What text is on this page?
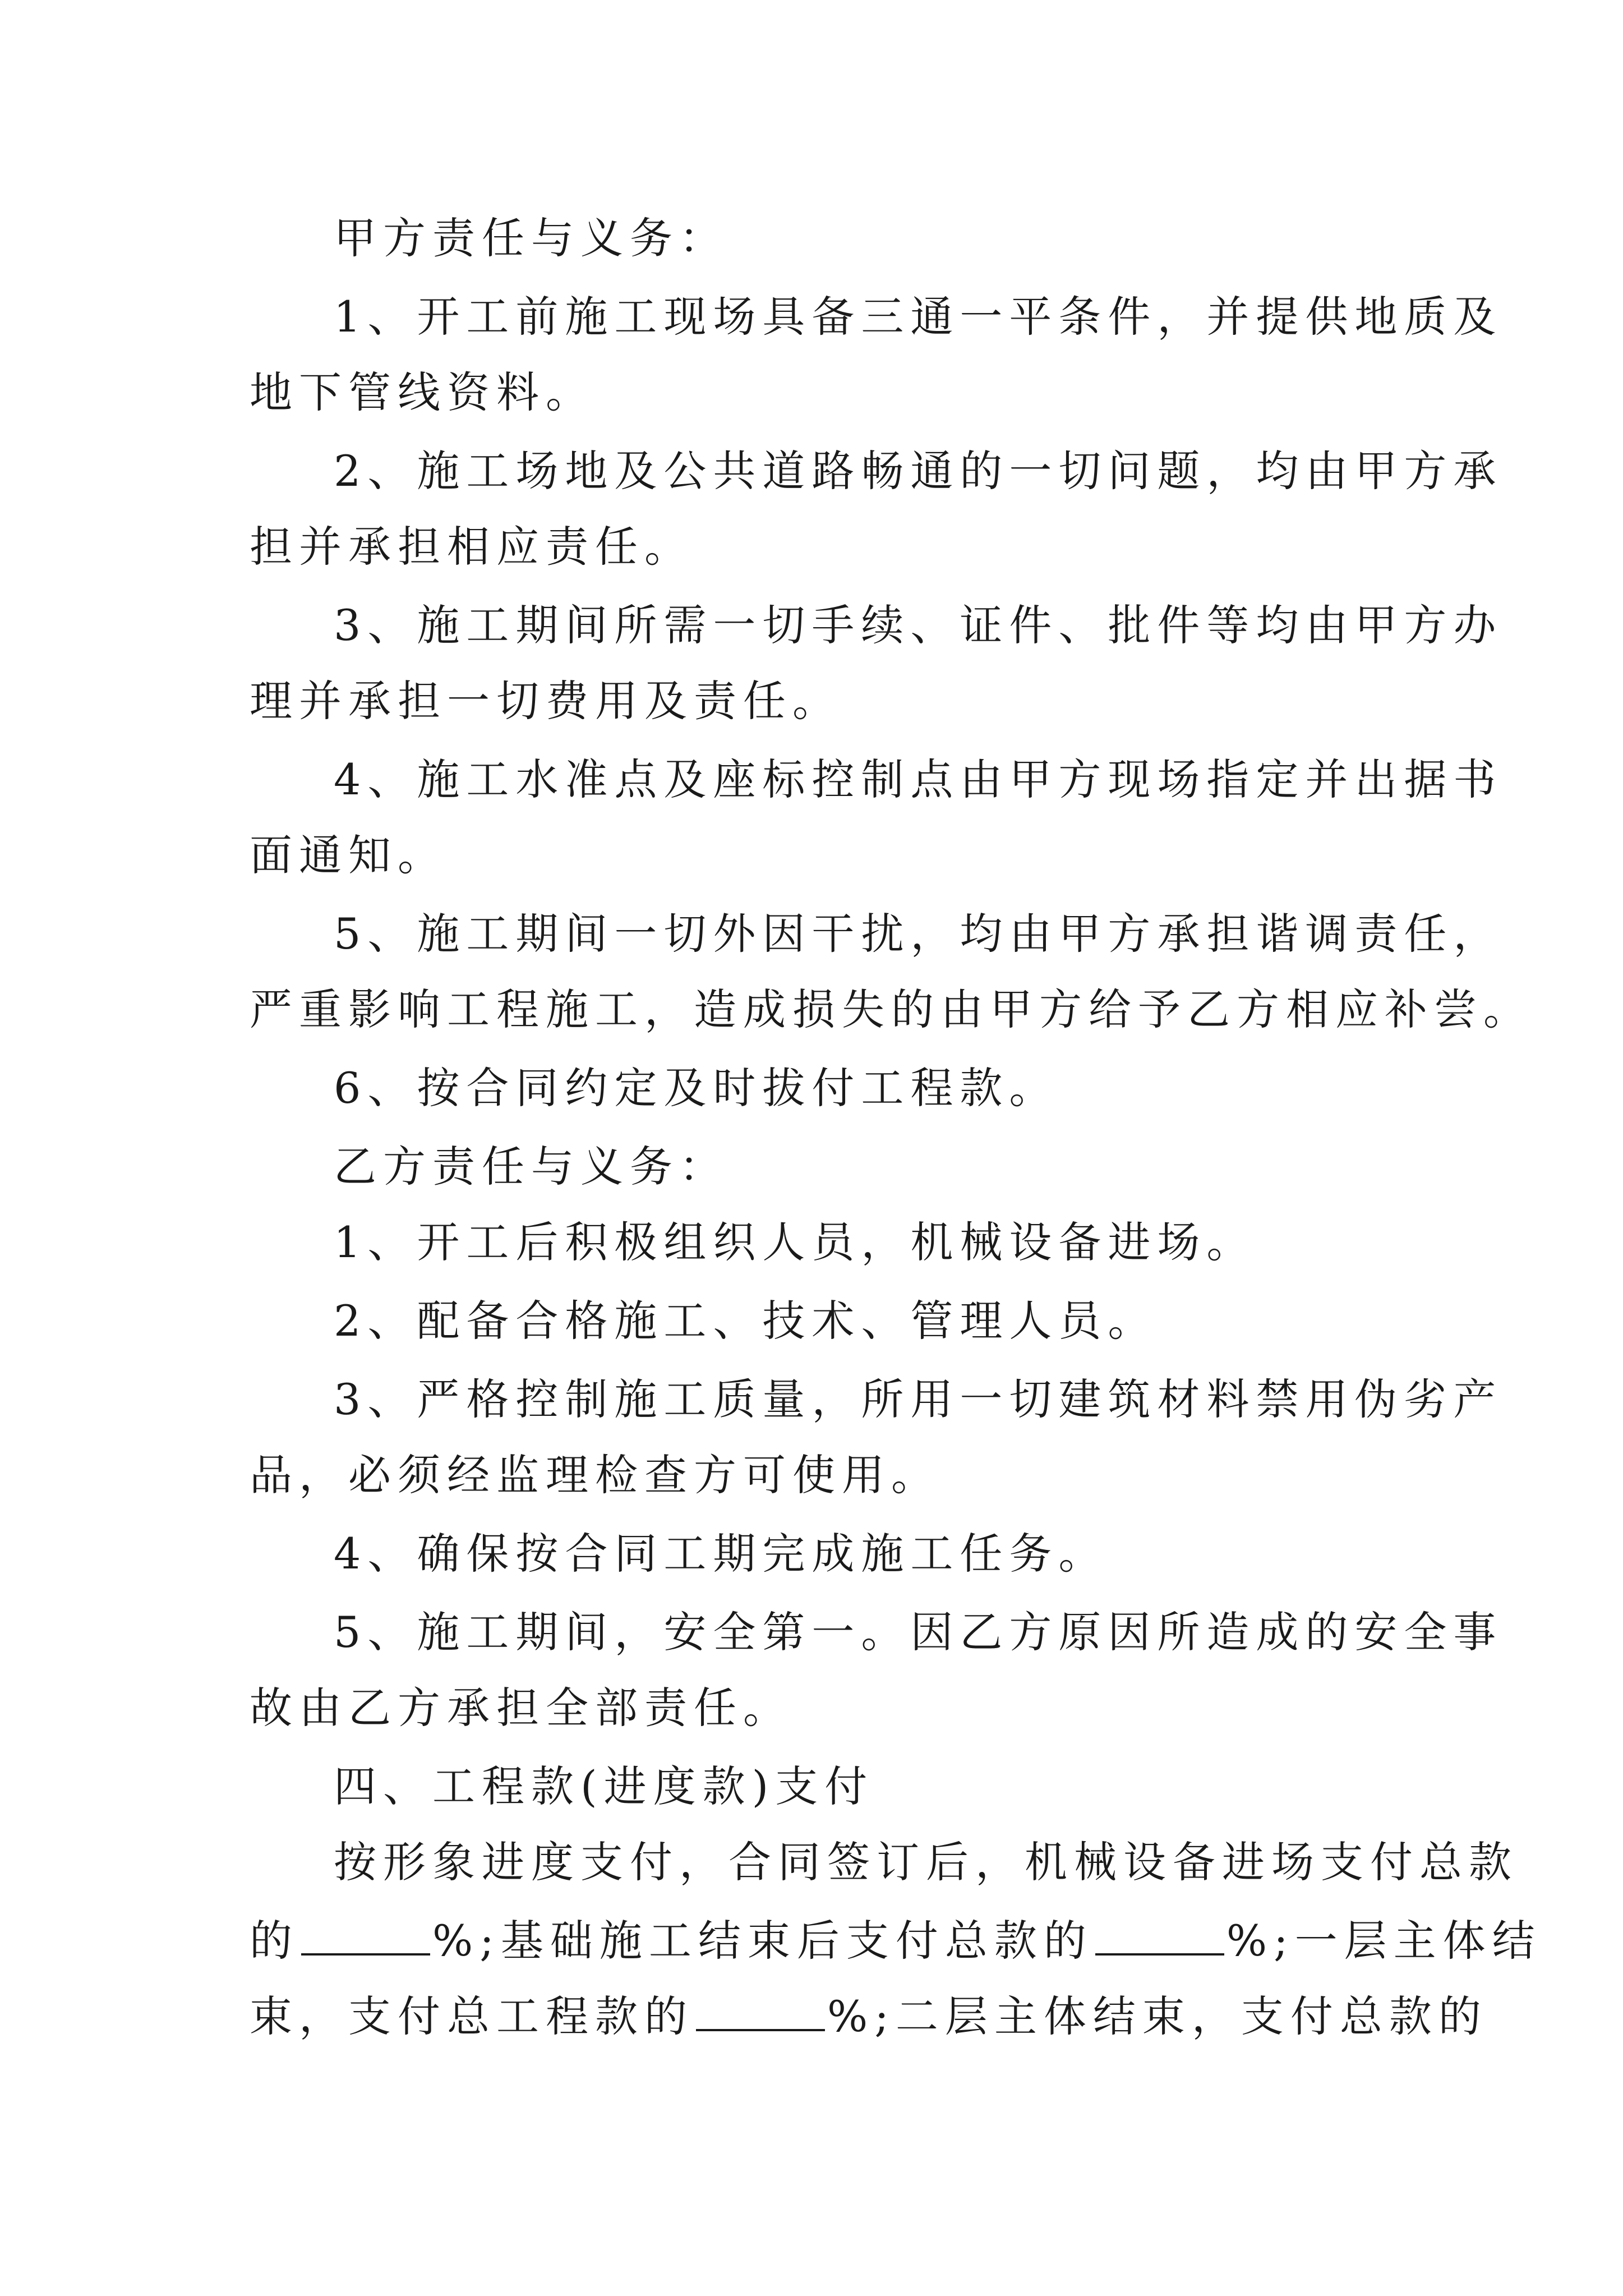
甲方责任与义务：
1、开工前施工现场具备三通一平条件，并提供地质及
地下管线资料。
2、施工场地及公共道路畅通的一切问题，均由甲方承
担并承担相应责任。
3、施工期间所需一切手续、证件、批件等均由甲方办
理并承担一切费用及责任。
4、施工水准点及座标控制点由甲方现场指定并出据书
面通知。
5、施工期间一切外因干扰，均由甲方承担谐调责任，
严重影响工程施工，造成损失的由甲方给予乙方相应补尝。
6、按合同约定及时拔付工程款。
乙方责任与义务：
1、开工后积极组织人员，机械设备进场。
2、配备合格施工、技术、管理人员。
3、严格控制施工质量，所用一切建筑材料禁用伪劣产
品，必须经监理检查方可使用。
4、确保按合同工期完成施工任务。
5、施工期间，安全第一。因乙方原因所造成的安全事
故由乙方承担全部责任。
四、工程款(进度款)支付
按形象进度支付，合同签订后，机械设备进场支付总款
的	%;基础施工结束后支付总款的	%;一层主体结
束，支付总工程款的	%;二层主体结束，支付总款的
